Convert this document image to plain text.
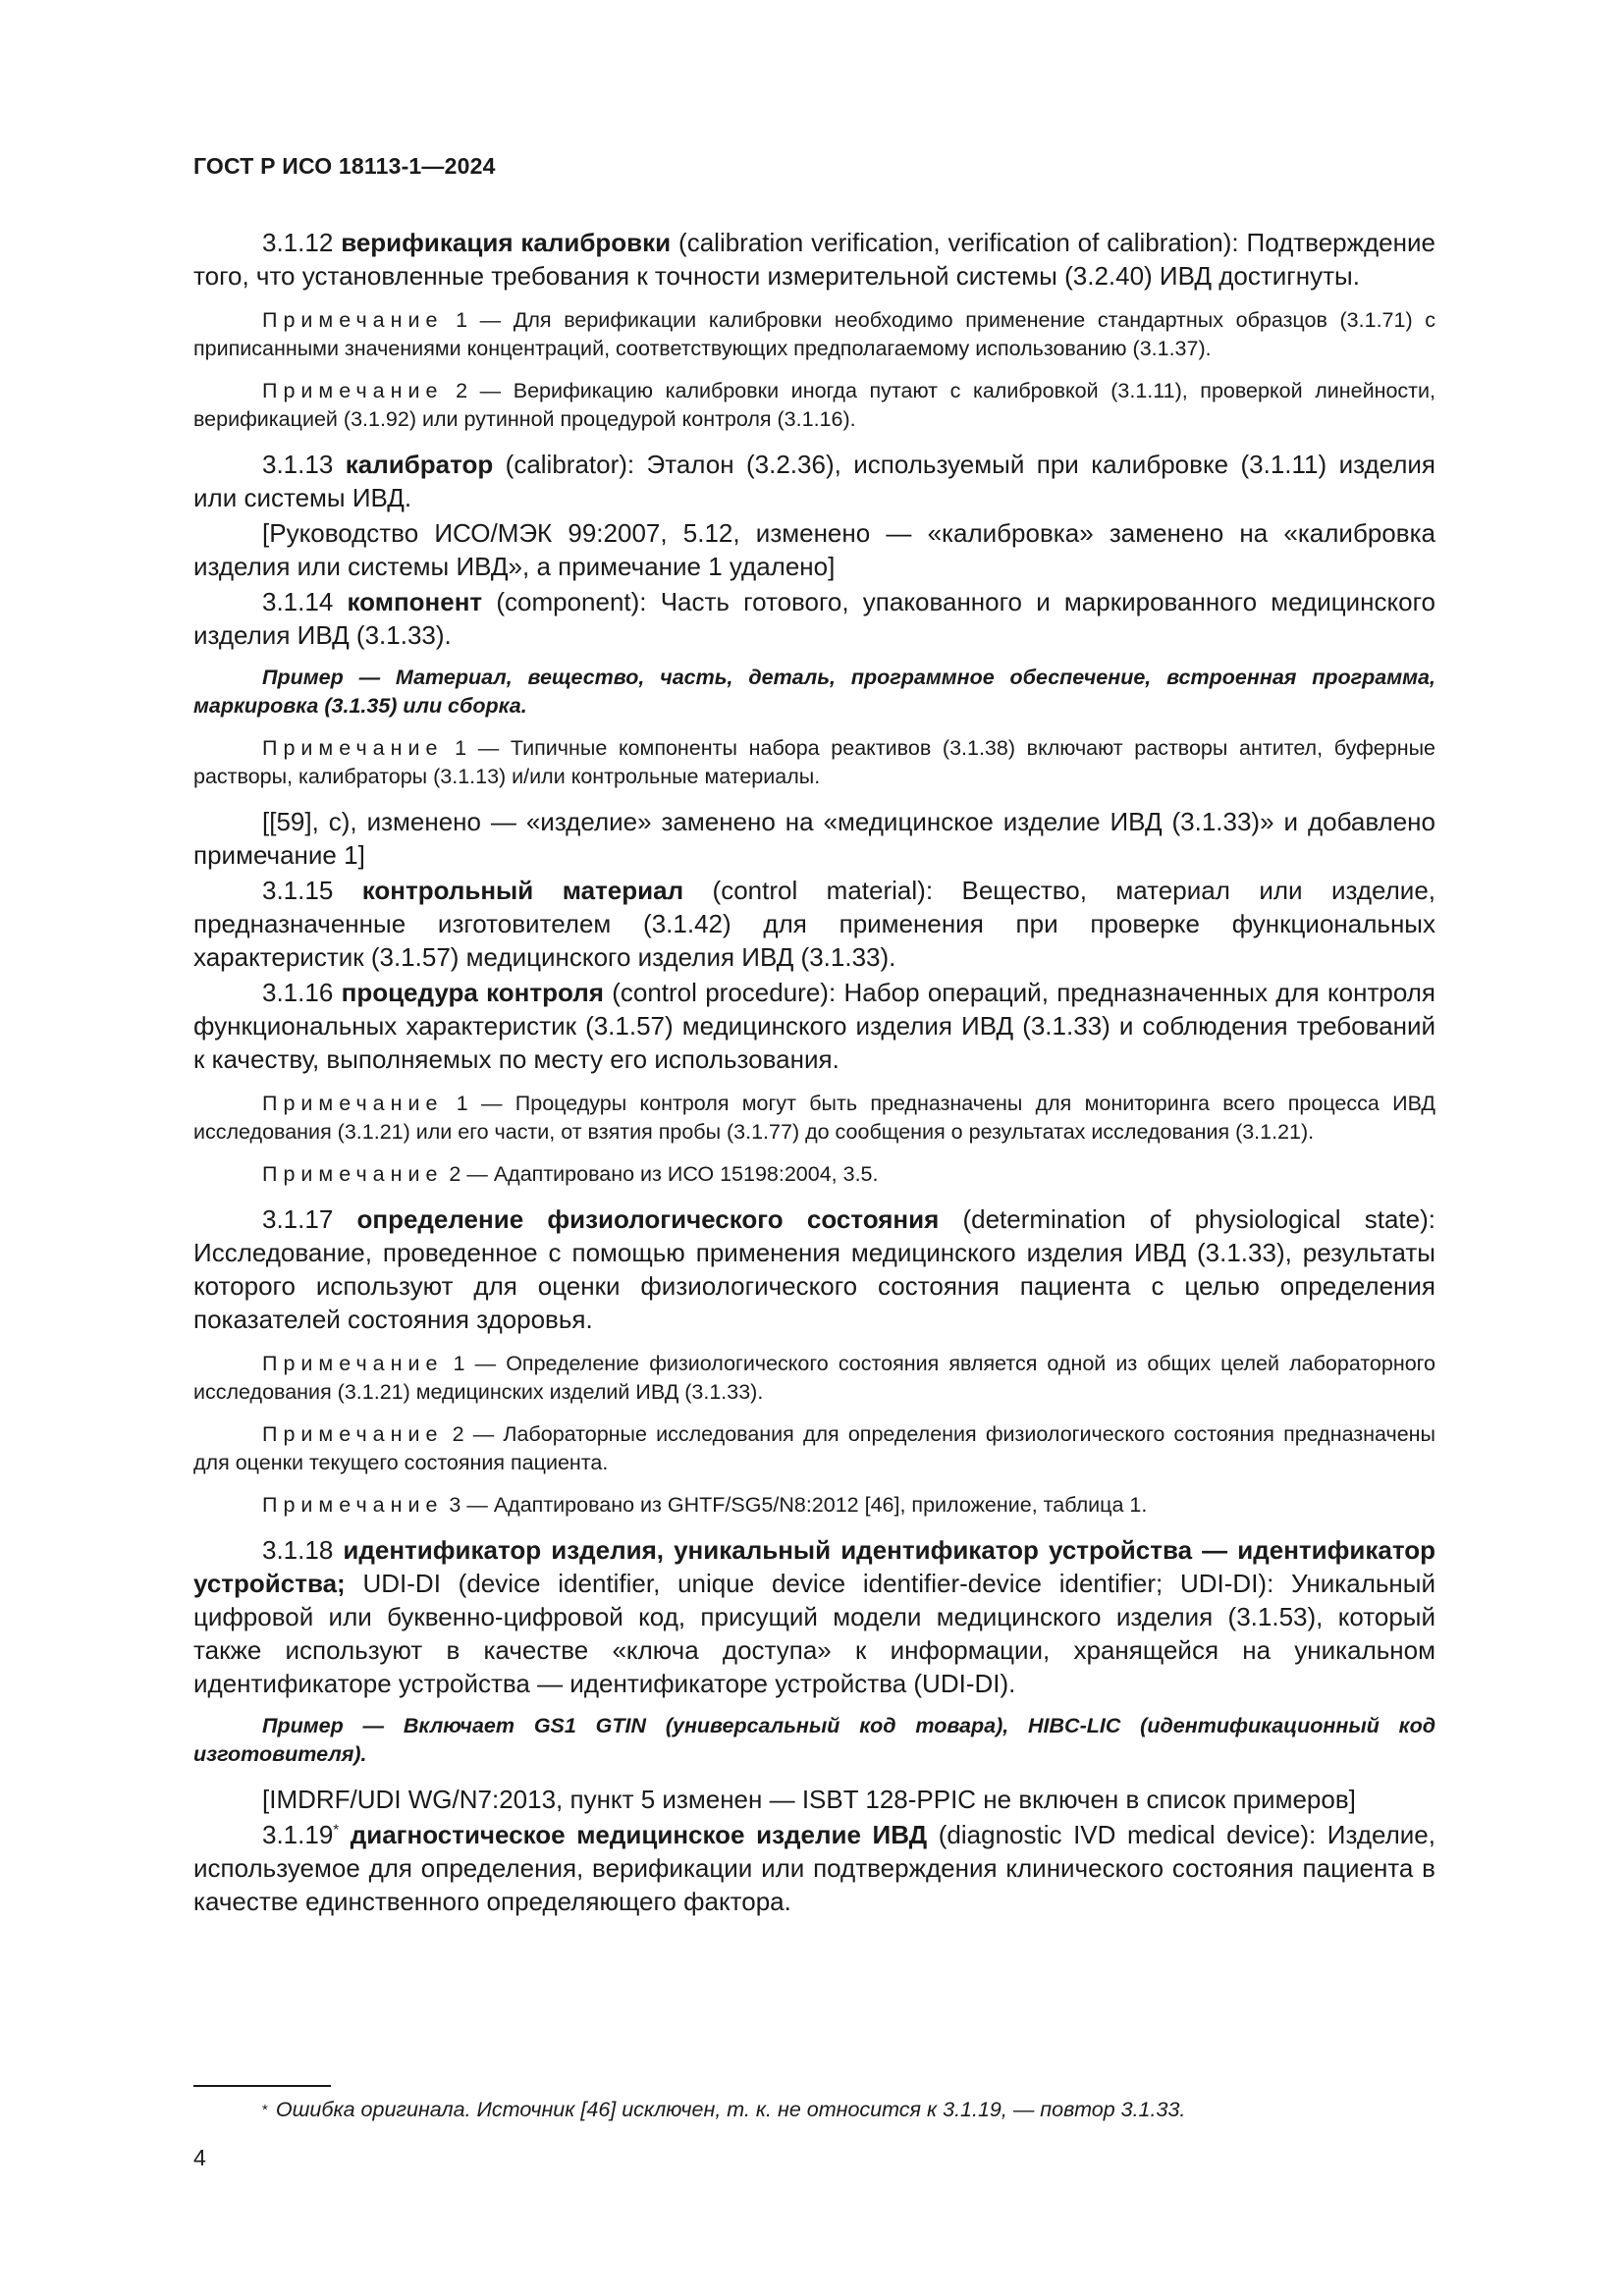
ГОСТ Р ИСО 18113-1—2024

3.1.12 верификация калибровки (calibration verification, verification of calibration): Подтверждение того, что установленные требования к точности измерительной системы (3.2.40) ИВД достигнуты.

Примечание 1 — Для верификации калибровки необходимо применение стандартных образцов (3.1.71) с приписанными значениями концентраций, соответствующих предполагаемому использованию (3.1.37).

Примечание 2 — Верификацию калибровки иногда путают с калибровкой (3.1.11), проверкой линейности, верификацией (3.1.92) или рутинной процедурой контроля (3.1.16).

3.1.13 калибратор (calibrator): Эталон (3.2.36), используемый при калибровке (3.1.11) изделия или системы ИВД.

[Руководство ИСО/МЭК 99:2007, 5.12, изменено — «калибровка» заменено на «калибровка изделия или системы ИВД», а примечание 1 удалено]

3.1.14 компонент (component): Часть готового, упакованного и маркированного медицинского изделия ИВД (3.1.33).

Пример — Материал, вещество, часть, деталь, программное обеспечение, встроенная программа, маркировка (3.1.35) или сборка.

Примечание 1 — Типичные компоненты набора реактивов (3.1.38) включают растворы антител, буферные растворы, калибраторы (3.1.13) и/или контрольные материалы.

[[59], c), изменено — «изделие» заменено на «медицинское изделие ИВД (3.1.33)» и добавлено примечание 1]

3.1.15 контрольный материал (control material): Вещество, материал или изделие, предназначенные изготовителем (3.1.42) для применения при проверке функциональных характеристик (3.1.57) медицинского изделия ИВД (3.1.33).

3.1.16 процедура контроля (control procedure): Набор операций, предназначенных для контроля функциональных характеристик (3.1.57) медицинского изделия ИВД (3.1.33) и соблюдения требований к качеству, выполняемых по месту его использования.

Примечание 1 — Процедуры контроля могут быть предназначены для мониторинга всего процесса ИВД исследования (3.1.21) или его части, от взятия пробы (3.1.77) до сообщения о результатах исследования (3.1.21).

Примечание 2 — Адаптировано из ИСО 15198:2004, 3.5.

3.1.17 определение физиологического состояния (determination of physiological state): Исследование, проведенное с помощью применения медицинского изделия ИВД (3.1.33), результаты которого используют для оценки физиологического состояния пациента с целью определения показателей состояния здоровья.

Примечание 1 — Определение физиологического состояния является одной из общих целей лабораторного исследования (3.1.21) медицинских изделий ИВД (3.1.33).

Примечание 2 — Лабораторные исследования для определения физиологического состояния предназначены для оценки текущего состояния пациента.

Примечание 3 — Адаптировано из GHTF/SG5/N8:2012 [46], приложение, таблица 1.

3.1.18 идентификатор изделия, уникальный идентификатор устройства — идентификатор устройства; UDI-DI (device identifier, unique device identifier-device identifier; UDI-DI): Уникальный цифровой или буквенно-цифровой код, присущий модели медицинского изделия (3.1.53), который также используют в качестве «ключа доступа» к информации, хранящейся на уникальном идентификаторе устройства — идентификаторе устройства (UDI-DI).

Пример — Включает GS1 GTIN (универсальный код товара), HIBC-LIC (идентификационный код изготовителя).

[IMDRF/UDI WG/N7:2013, пункт 5 изменен — ISBT 128-PPIC не включен в список примеров]

3.1.19* диагностическое медицинское изделие ИВД (diagnostic IVD medical device): Изделие, используемое для определения, верификации или подтверждения клинического состояния пациента в качестве единственного определяющего фактора.

* Ошибка оригинала. Источник [46] исключен, т. к. не относится к 3.1.19, — повтор 3.1.33.
4
